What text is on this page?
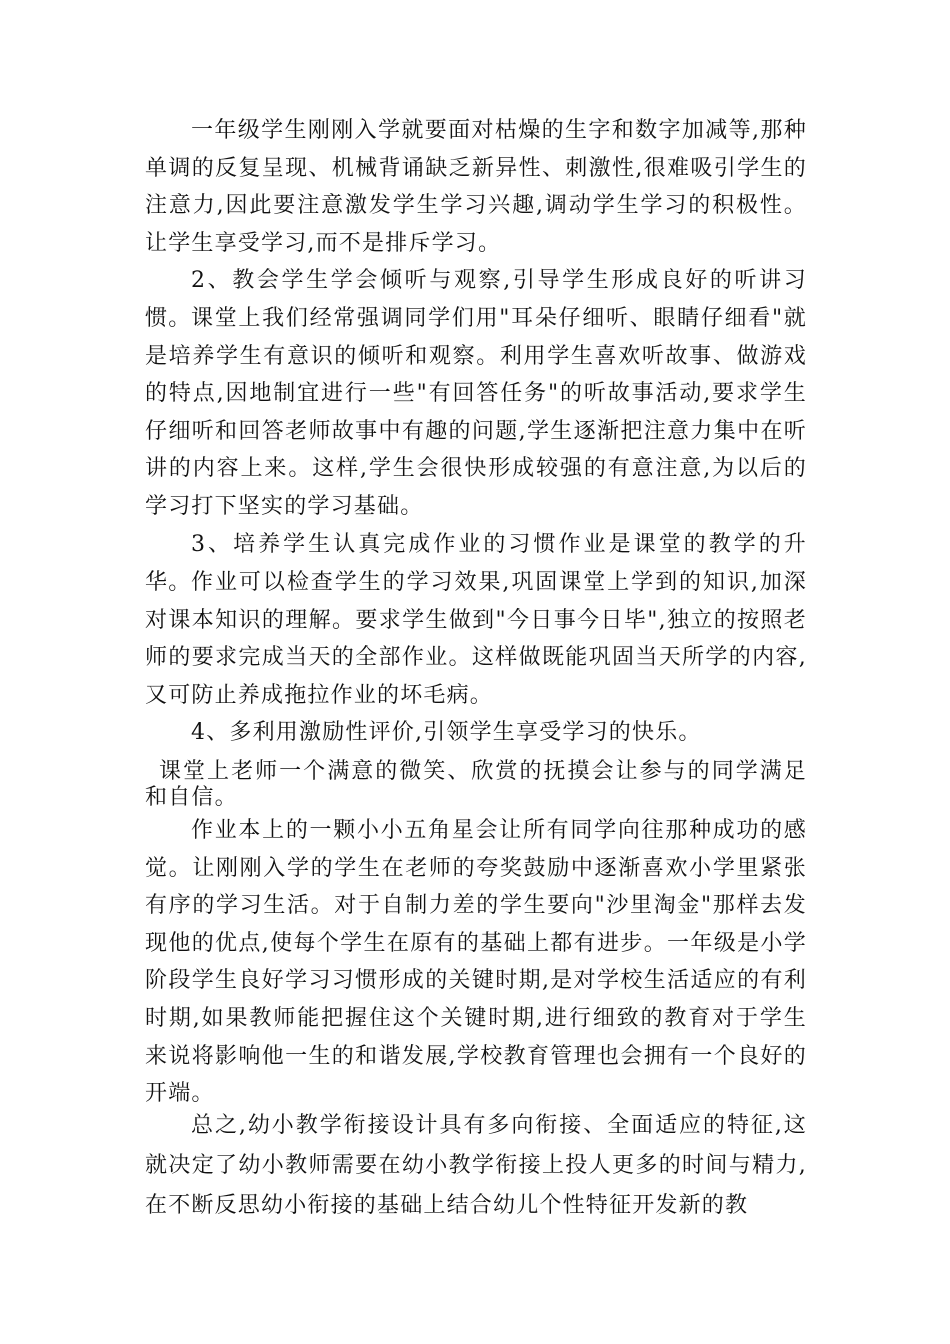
一年级学生刚刚入学就要面对枯燥的生字和数字加减等,那种单调的反复呈现、机械背诵缺乏新异性、刺激性,很难吸引学生的注意力,因此要注意激发学生学习兴趣,调动学生学习的积极性。让学生享受学习,而不是排斥学习。

2、教会学生学会倾听与观察,引导学生形成良好的听讲习惯。 课堂上我们经常强调同学们用"耳朵仔细听、眼睛仔细看"就是培养学生有意识的倾听和观察。利用学生喜欢听故事、做游戏的特点,因地制宜进行一些"有回答任务"的听故事活动,要求学生仔细听和回答老师故事中有趣的问题,学生逐渐把注意力集中在听讲的内容上来。这样,学生会很快形成较强的有意注意,为以后的学习打下坚实的学习基础。

3、培养学生认真完成作业的习惯作业是课堂的教学的升华。 作业可以检查学生的学习效果,巩固课堂上学到的知识,加深对课本知识的理解。要求学生做到"今日事今日毕",独立的按照老师的要求完成当天的全部作业。这样做既能巩固当天所学的内容,又可防止养成拖拉作业的坏毛病。

4、多利用激励性评价,引领学生享受学习的快乐。

课堂上老师一个满意的微笑、欣赏的抚摸会让参与的同学满足和自信。

作业本上的一颗小小五角星会让所有同学向往那种成功的感觉。让刚刚入学的学生在老师的夸奖鼓励中逐渐喜欢小学里紧张有序的学习生活。对于自制力差的学生要向"沙里淘金"那样去发现他的优点,使每个学生在原有的基础上都有进步。一年级是小学阶段学生良好学习习惯形成的关键时期,是对学校生活适应的有利时期,如果教师能把握住这个关键时期,进行细致的教育对于学生来说将影响他一生的和谐发展,学校教育管理也会拥有一个良好的开端。

总之,幼小教学衔接设计具有多向衔接、全面适应的特征,这就决定了幼小教师需要在幼小教学衔接上投人更多的时间与精力,在不断反思幼小衔接的基础上结合幼儿个性特征开发新的教
